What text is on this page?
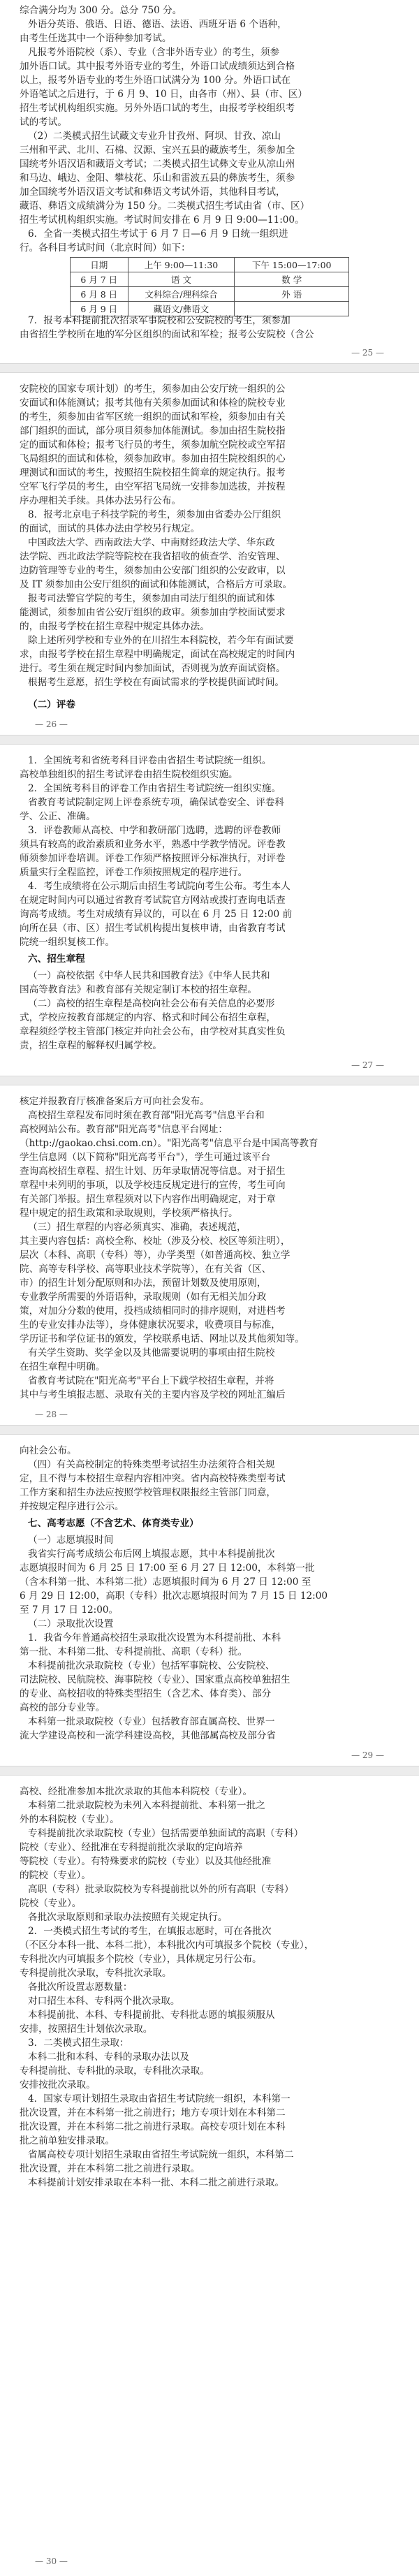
综合满分均为 300 分。总分 750 分。
外语分英语、俄语、日语、德语、法语、西班牙语 6 个语种，
由考生任选其中一个语种参加考试。
凡报考外语院校（系）、专业（含非外语专业）的考生，须参
加外语口试。其中报考外语专业的考生，外语口试成绩须达到合格
以上，报考外语专业的考生外语口试满分为 100 分。外语口试在
外语笔试之后进行，于 6 月 9、10 日，由各市（州）、县（市、区）
招生考试机构组织实施。另外外语口试的考生，由报考学校组织考
试的考试。
（2）二类模式招生试藏文专业升甘孜州、阿坝、甘孜、凉山
三州和平武、北川、石棉、汉源、宝兴五县的藏族考生，须参加全
国统考外语汉语和藏语文考试；二类模式招生试彝文专业从凉山州
和马边、峨边、金阳、攀枝花、乐山和雷波五县的彝族考生，须参
加全国统考外语汉语文考试和彝语文考试外语，其他科目考试，
藏语、彝语文成绩满分为 150 分。二类模式招生考试由省（市、区）
招生考试机构组织实施。考试时间安排在 6 月 9 日 9:00—11:00。
6．全省一类模式招生考试于 6 月 7 日—6 月 9 日统一组织进
行。各科目考试时间（北京时间）如下：
日期	上午 9:00—11:30	下午 15:00—17:00
6 月 7 日	语 文	数 学
6 月 8 日	文科综合/理科综合	外 语
6 月 9 日	藏语文/彝语文	
7．报考本科提前批次招录军事院校和公安院校的考生，须参加
由省招生学校所在地的军分区组织的面试和军检；报考公安院校（含公
— 25 —
安院校的国家专项计划）的考生，须参加由公安厅统一组织的公
安面试和体能测试；报考其他有关须参加面试和体检的院校专业
的考生，须参加由省军区统一组织的面试和军检，须参加由有关
部门组织的面试，部分项目须参加体能测试。参加由招生院校指
定的面试和体检；报考飞行员的考生，须参加航空院校或空军招
飞局组织的面试和体检，须参加政审。参加由招生院校组织的心
理测试和面试的考生，按照招生院校招生简章的规定执行。报考
空军飞行学员的考生，由空军招飞局统一安排参加选拔，并按程
序办理相关手续。具体办法另行公布。
8．报考北京电子科技学院的考生，须参加由省委办公厅组织
的面试，面试的具体办法由学校另行规定。
中国政法大学、西南政法大学、中南财经政法大学、华东政
法学院、西北政法学院等院校在我省招收的侦查学、治安管理、
边防管理等专业的考生，须参加由公安部门组织的公安政审，以
及 IT 须参加由公安厅组织的面试和体能测试，合格后方可录取。
报考司法警官学院的考生，须参加由司法厅组织的面试和体
能测试，须参加由省公安厅组织的政审。须参加由学校面试要求
的，由报考学校在招生章程中规定具体办法。
除上述所列学校和专业外的在川招生本科院校，若今年有面试要
求，由报考学校在招生章程中明确规定，面试在高校规定的时间内
进行。考生须在规定时间内参加面试，否则视为放弃面试资格。
根据考生意愿，招生学校在有面试需求的学校提供面试时间。
（二）评卷
— 26 —
1．全国统考和省统考科目评卷由省招生考试院统一组织。
高校单独组织的招生考试评卷由招生院校组织实施。
2．全国统考科目的评卷工作由省招生考试院统一组织实施。
省教育考试院制定网上评卷系统专项，确保试卷安全、评卷科
学、公正、准确。
3．评卷教师从高校、中学和教研部门选聘，选聘的评卷教师
须具有较高的政治素质和业务水平，熟悉中学教学情况。评卷教
师须参加评卷培训。评卷工作须严格按照评分标准执行，对评卷
质量实行全程监控，评卷工作须按照规定的程序进行。
4．考生成绩将在公示期后由招生考试院向考生公布。考生本人
在规定时间内可以通过省教育考试院官方网站或拨打查询电话查
询高考成绩。考生对成绩有异议的，可以在 6 月 25 日 12:00 前
向所在县（市、区）招生考试机构提出复核申请，由省教育考试
院统一组织复核工作。
六、招生章程
（一）高校依据《中华人民共和国教育法》《中华人民共和
国高等教育法》和教育部有关规定制订本校的招生章程。
（二）高校的招生章程是高校向社会公布有关信息的必要形
式，学校应按教育部规定的内容、格式和时间公布招生章程，
章程须经学校主管部门核定并向社会公布，由学校对其真实性负
责，招生章程的解释权归属学校。
— 27 —
核定并报教育厅核准备案后方可向社会发布。
高校招生章程发布同时须在教育部"阳光高考"信息平台和
高校网站公布。教育部"阳光高考"信息平台网址：
（http://gaokao.chsi.com.cn）。"阳光高考"信息平台是中国高等教育
学生信息网（以下简称"阳光高考平台"），学生可通过该平台
查询高校招生章程、招生计划、历年录取情况等信息。对于招生
章程中未列明的事项，以及学校违反规定进行的宣传，考生可向
有关部门举报。招生章程须对以下内容作出明确规定，对于章
程中规定的招生政策和录取规则，学校须严格执行。
（三）招生章程的内容必须真实、准确，表述规范，
其主要内容包括：高校全称、校址（涉及分校、校区等须注明），
层次（本科、高职（专科）等），办学类型（如普通高校、独立学
院、高等专科学校、高等职业技术学院等），在有关省（区、
市）的招生计划分配原则和办法，预留计划数及使用原则，
专业教学所需要的外语语种，录取规则（如有无相关加分政
策，对加分分数的使用，投档成绩相同时的排序规则，对进档考
生的专业安排办法等），身体健康状况要求，收费项目与标准，
学历证书和学位证书的颁发，学校联系电话、网址以及其他须知等。
有关学生资助、奖学金以及其他需要说明的事项由招生院校
在招生章程中明确。
省教育考试院在"阳光高考"平台上下载学校招生章程，并将
其中与考生填报志愿、录取有关的主要内容及学校的网址汇编后
— 28 —
向社会公布。
（四）有关高校制定的特殊类型考试招生办法须符合相关规
定，且不得与本校招生章程内容相冲突。省内高校特殊类型考试
工作方案和招生办法应按照学校管理权限报经主管部门同意，
并按规定程序进行公示。
七、高考志愿（不含艺术、体育类专业）
（一）志愿填报时间
我省实行高考成绩公布后网上填报志愿，其中本科提前批次
志愿填报时间为 6 月 25 日 17:00 至 6 月 27 日 12:00，本科第一批
（含本科第一批、本科第二批）志愿填报时间为 6 月 27 日 12:00 至
6 月 29 日 12:00，高职（专科）批次志愿填报时间为 7 月 15 日 12:00
至 7 月 17 日 12:00。
（二）录取批次设置
1．我省今年普通高校招生录取批次设置为本科提前批、本科
第一批、本科第二批、专科提前批、高职（专科）批。
本科提前批次录取院校（专业）包括军事院校、公安院校、
司法院校、民航院校、海事院校（专业）、国家重点高校单独招生
的专业、高校招收的特殊类型招生（含艺术、体育类）、部分
高校的部分专业等。
本科第一批录取院校（专业）包括教育部直属高校、世界一
流大学建设高校和一流学科建设高校，其他部属高校及部分省
— 29 —
高校、经批准参加本批次录取的其他本科院校（专业）。
本科第二批录取院校为未列入本科提前批、本科第一批之
外的本科院校（专业）。
专科提前批次录取院校（专业）包括需要单独面试的高职（专科）
院校（专业）、经批准在专科提前批次录取的定向培养
等院校（专业）。有特殊要求的院校（专业）以及其他经批准
的院校（专业）。
高职（专科）批录取院校为专科提前批以外的所有高职（专科）
院校（专业）。
各批次录取原则和录取办法按照有关规定执行。
2．一类模式招生考试的考生，在填报志愿时，可在各批次
（不区分本科一批、本科二批），本科批次内可填报多个院校（专业），
专科批次内可填报多个院校（专业），具体规定另行公布。
专科提前批次录取，专科批次录取。
各批次所设置志愿数量：
对口招生本科、专科两个批次录取。
本科提前批、本科、专科提前批、专科批志愿的填报须服从
安排，按照招生计划依次录取。
3．二类模式招生录取：
本科二批和本科、专科的录取办法以及
专科提前批、专科批的录取，专科批次录取。
安排按批次录取。
4．国家专项计划招生录取由省招生考试院统一组织，本科第一
批次设置，并在本科第一批之前进行；地方专项计划在本科第二
批次设置，并在本科第二批之前进行录取。高校专项计划在本科
批之前单独安排录取。
省属高校专项计划招生录取由省招生考试院统一组织，本科第二
批次设置，并在本科第二批之前进行录取。
本科提前计划安排录取在本科一批、本科二批之前进行录取。
— 30 —
